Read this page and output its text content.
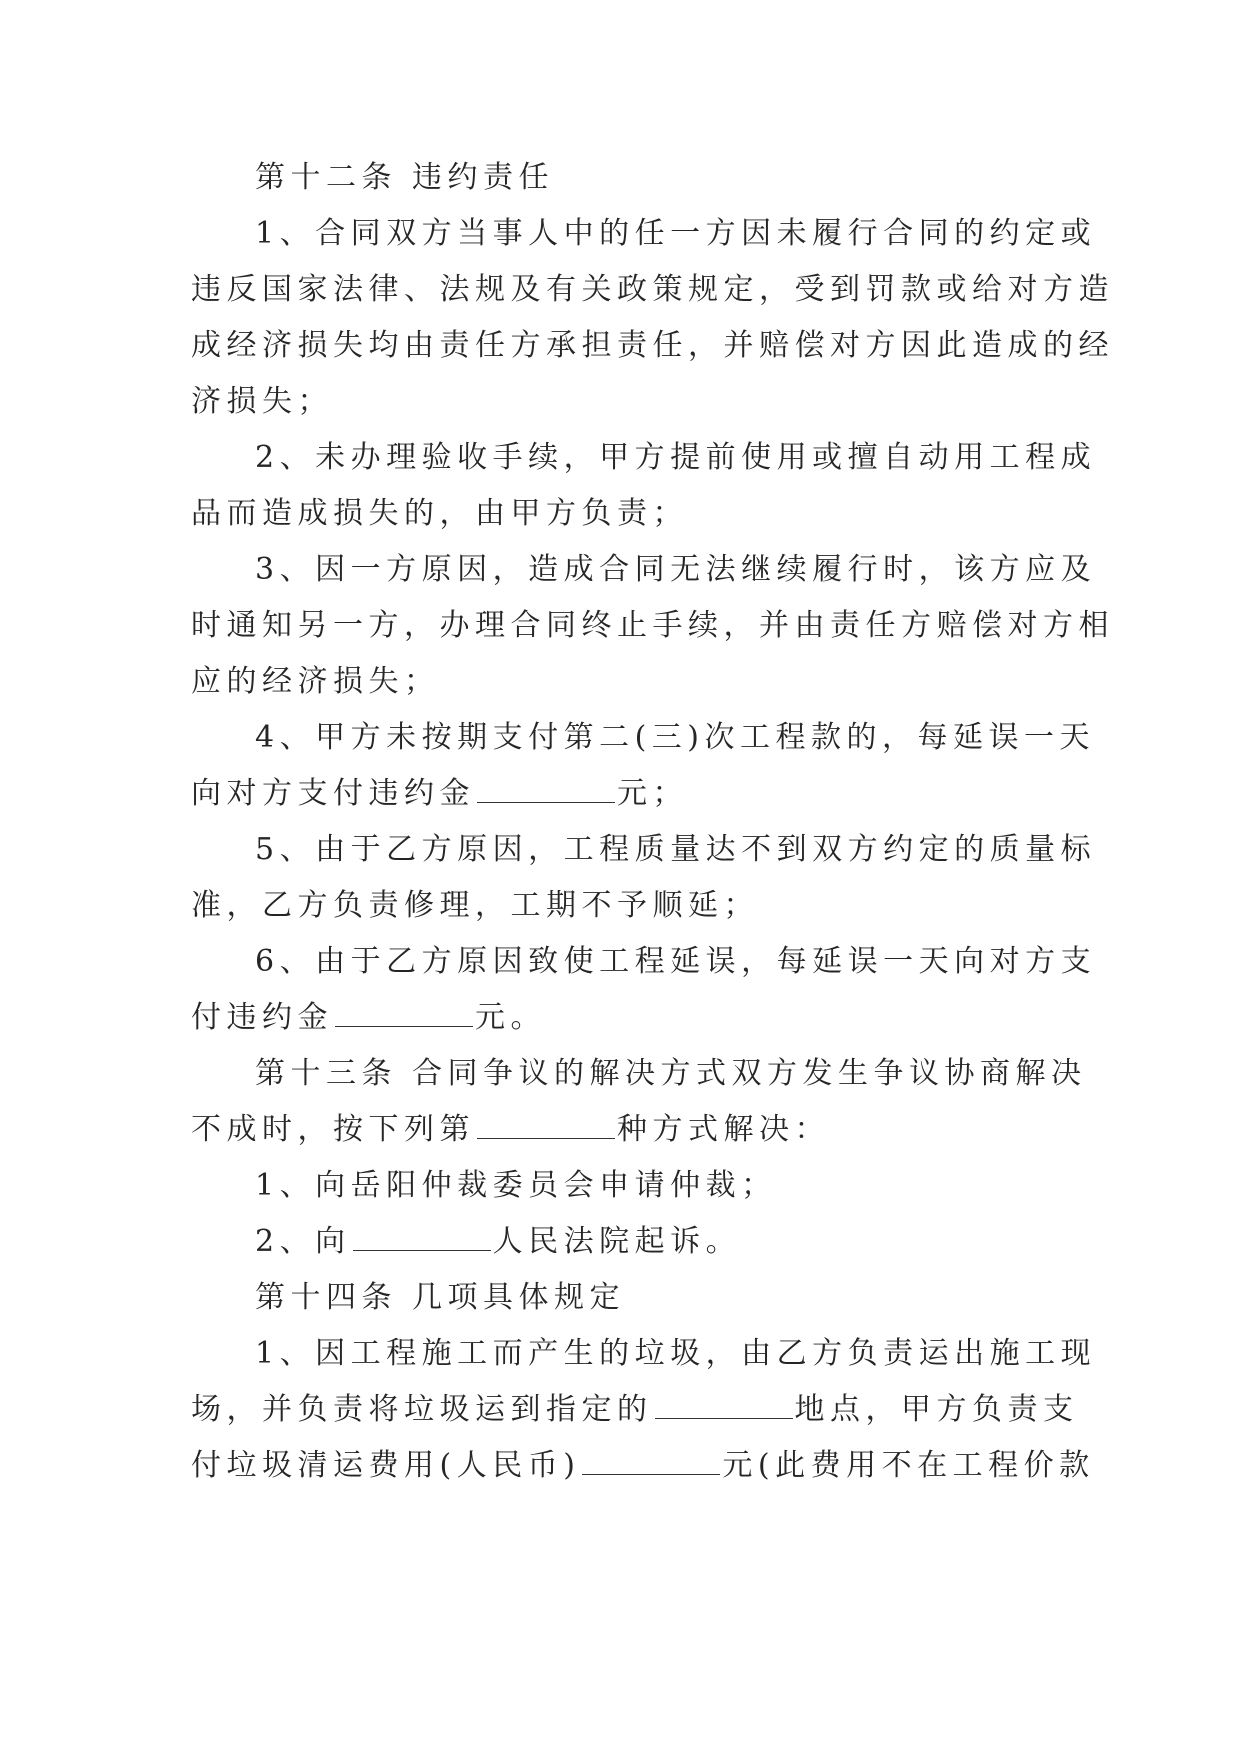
第十二条 违约责任
1、合同双方当事人中的任一方因未履行合同的约定或
违反国家法律、法规及有关政策规定，受到罚款或给对方造
成经济损失均由责任方承担责任，并赔偿对方因此造成的经
济损失；
2、未办理验收手续，甲方提前使用或擅自动用工程成
品而造成损失的，由甲方负责；
3、因一方原因，造成合同无法继续履行时，该方应及
时通知另一方，办理合同终止手续，并由责任方赔偿对方相
应的经济损失；
4、甲方未按期支付第二(三)次工程款的，每延误一天
向对方支付违约金	元；
5、由于乙方原因，工程质量达不到双方约定的质量标
准，乙方负责修理，工期不予顺延；
6、由于乙方原因致使工程延误，每延误一天向对方支
付违约金	元。
第十三条 合同争议的解决方式双方发生争议协商解决
不成时，按下列第	种方式解决：
1、向岳阳仲裁委员会申请仲裁；
2、向	人民法院起诉。
第十四条 几项具体规定
1、因工程施工而产生的垃圾，由乙方负责运出施工现
场，并负责将垃圾运到指定的	地点，甲方负责支
付垃圾清运费用(人民币)	元(此费用不在工程价款
